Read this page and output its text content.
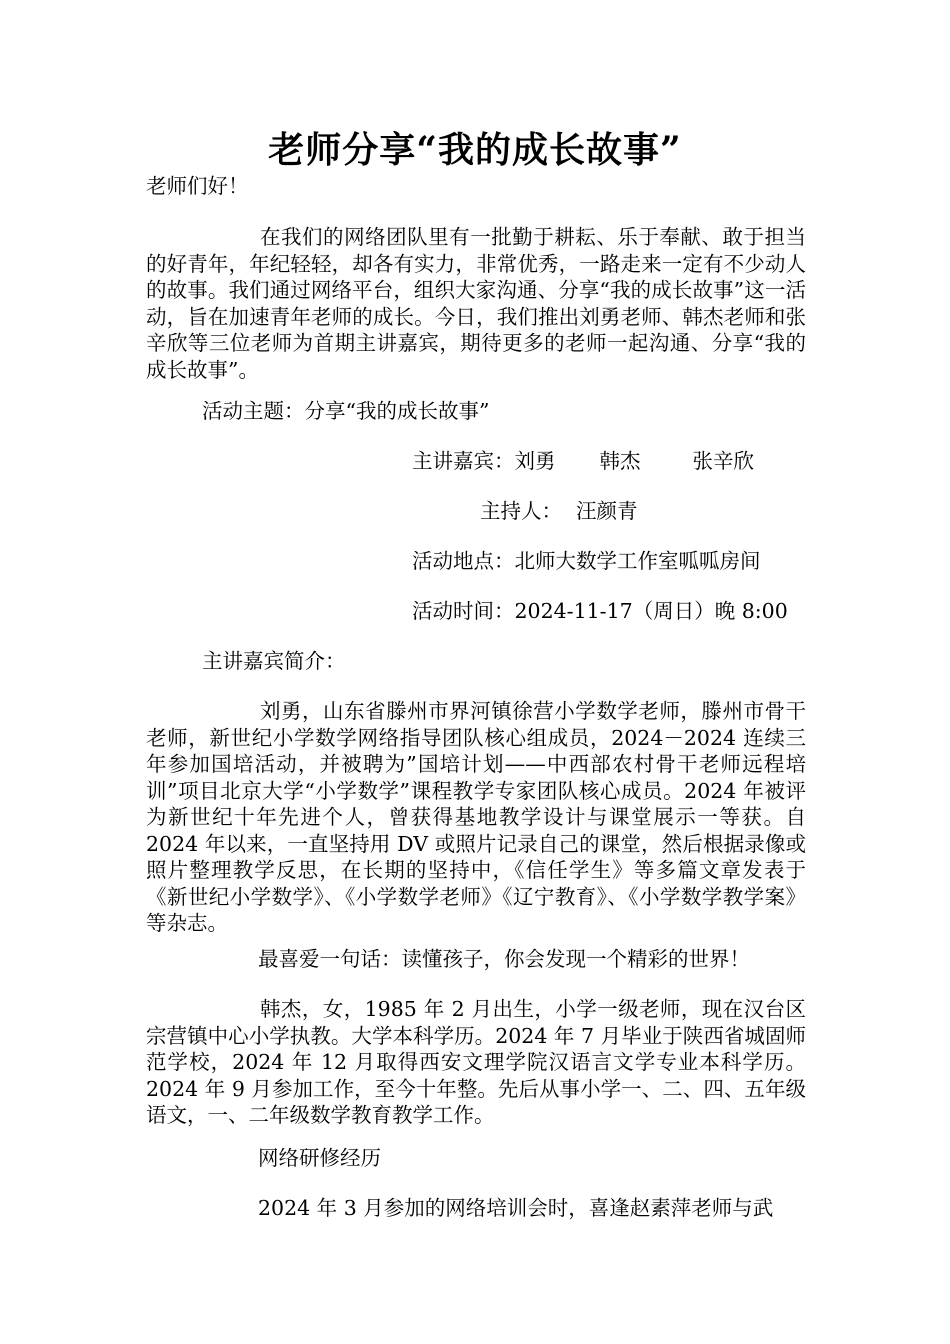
老师分享“我的成长故事”

老师们好！

在我们的网络团队里有一批勤于耕耘、乐于奉献、敢于担当的好青年，年纪轻轻，却各有实力，非常优秀，一路走来一定有不少动人的故事。我们通过网络平台，组织大家沟通、分享“我的成长故事”这一活动，旨在加速青年老师的成长。今日，我们推出刘勇老师、韩杰老师和张辛欣等三位老师为首期主讲嘉宾，期待更多的老师一起沟通、分享“我的成长故事”。

活动主题：分享“我的成长故事”

主讲嘉宾：刘勇 韩杰	张辛欣

主持人： 汪颜青

活动地点：北师大数学工作室呱呱房间

活动时间：2024-11-17（周日）晚 8:00

主讲嘉宾简介：

刘勇，山东省滕州市界河镇徐营小学数学老师，滕州市骨干老师，新世纪小学数学网络指导团队核心组成员，2024－2024 连续三年参加国培活动，并被聘为”国培计划——中西部农村骨干老师远程培训”项目北京大学“小学数学”课程教学专家团队核心成员。2024 年被评为新世纪十年先进个人，曾获得基地教学设计与课堂展示一等获。自 2024 年以来，一直坚持用 DV 或照片记录自己的课堂，然后根据录像或照片整理教学反思，在长期的坚持中，《信任学生》等多篇文章发表于《新世纪小学数学》、《小学数学老师》《辽宁教育》、《小学数学教学案》等杂志。

最喜爱一句话：读懂孩子，你会发现一个精彩的世界！

韩杰，女，1985 年 2 月出生，小学一级老师，现在汉台区宗营镇中心小学执教。大学本科学历。2024 年 7 月毕业于陕西省城固师范学校，2024 年 12 月取得西安文理学院汉语言文学专业本科学历。2024 年 9 月参加工作，至今十年整。先后从事小学一、二、四、五年级语文，一、二年级数学教育教学工作。

网络研修经历

2024 年 3 月参加的网络培训会时，喜逢赵素萍老师与武
